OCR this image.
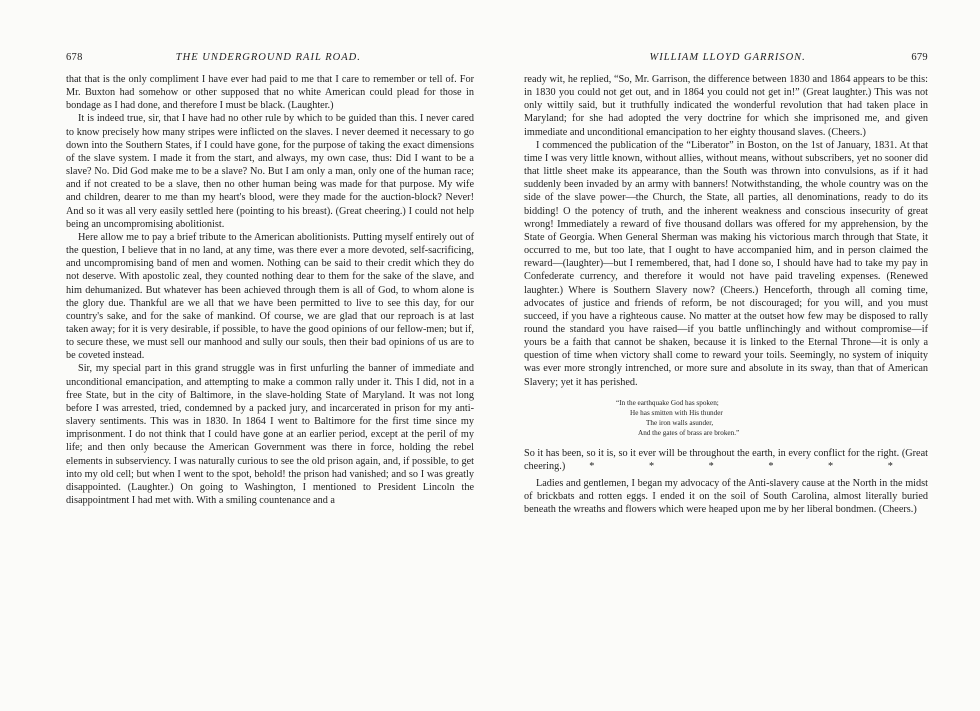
678	THE UNDERGROUND RAIL ROAD.

that that is the only compliment I have ever had paid to me that I care to remember or tell of. For Mr. Buxton had somehow or other supposed that no white American could plead for those in bondage as I had done, and therefore I must be black. (Laughter.)

It is indeed true, sir, that I have had no other rule by which to be guided than this. I never cared to know precisely how many stripes were inflicted on the slaves. I never deemed it necessary to go down into the Southern States, if I could have gone, for the purpose of taking the exact dimensions of the slave system. I made it from the start, and always, my own case, thus: Did I want to be a slave? No. Did God make me to be a slave? No. But I am only a man, only one of the human race; and if not created to be a slave, then no other human being was made for that purpose. My wife and children, dearer to me than my heart's blood, were they made for the auction-block? Never! And so it was all very easily settled here (pointing to his breast). (Great cheering.) I could not help being an uncompromising abolitionist.

Here allow me to pay a brief tribute to the American abolitionists. Putting myself entirely out of the question, I believe that in no land, at any time, was there ever a more devoted, self-sacrificing, and uncompromising band of men and women. Nothing can be said to their credit which they do not deserve. With apostolic zeal, they counted nothing dear to them for the sake of the slave, and him dehumanized. But whatever has been achieved through them is all of God, to whom alone is the glory due. Thankful are we all that we have been permitted to live to see this day, for our country's sake, and for the sake of mankind. Of course, we are glad that our reproach is at last taken away; for it is very desirable, if possible, to have the good opinions of our fellow-men; but if, to secure these, we must sell our manhood and sully our souls, then their bad opinions of us are to be coveted instead.

Sir, my special part in this grand struggle was in first unfurling the banner of immediate and unconditional emancipation, and attempting to make a common rally under it. This I did, not in a free State, but in the city of Baltimore, in the slave-holding State of Maryland. It was not long before I was arrested, tried, condemned by a packed jury, and incarcerated in prison for my anti-slavery sentiments. This was in 1830. In 1864 I went to Baltimore for the first time since my imprisonment. I do not think that I could have gone at an earlier period, except at the peril of my life; and then only because the American Government was there in force, holding the rebel elements in subserviency. I was naturally curious to see the old prison again, and, if possible, to get into my old cell; but when I went to the spot, behold! the prison had vanished; and so I was greatly disappointed. (Laughter.) On going to Washington, I mentioned to President Lincoln the disappointment I had met with. With a smiling countenance and a

WILLIAM LLOYD GARRISON.	679

ready wit, he replied, “So, Mr. Garrison, the difference between 1830 and 1864 appears to be this: in 1830 you could not get out, and in 1864 you could not get in!” (Great laughter.) This was not only wittily said, but it truthfully indicated the wonderful revolution that had taken place in Maryland; for she had adopted the very doctrine for which she imprisoned me, and given immediate and unconditional emancipation to her eighty thousand slaves. (Cheers.)

I commenced the publication of the “Liberator” in Boston, on the 1st of January, 1831. At that time I was very little known, without allies, without means, without subscribers, yet no sooner did that little sheet make its appearance, than the South was thrown into convulsions, as if it had suddenly been invaded by an army with banners! Notwithstanding, the whole country was on the side of the slave power—the Church, the State, all parties, all denominations, ready to do its bidding! O the potency of truth, and the inherent weakness and conscious insecurity of great wrong! Immediately a reward of five thousand dollars was offered for my apprehension, by the State of Georgia. When General Sherman was making his victorious march through that State, it occurred to me, but too late, that I ought to have accompanied him, and in person claimed the reward—(laughter)—but I remembered, that, had I done so, I should have had to take my pay in Confederate currency, and therefore it would not have paid traveling expenses. (Renewed laughter.) Where is Southern Slavery now? (Cheers.) Henceforth, through all coming time, advocates of justice and friends of reform, be not discouraged; for you will, and you must succeed, if you have a righteous cause. No matter at the outset how few may be disposed to rally round the standard you have raised—if you battle unflinchingly and without compromise—if yours be a faith that cannot be shaken, because it is linked to the Eternal Throne—it is only a question of time when victory shall come to reward your toils. Seemingly, no system of iniquity was ever more strongly intrenched, or more sure and absolute in its sway, than that of American Slavery; yet it has perished.

“In the earthquake God has spoken;
He has smitten with His thunder
The iron walls asunder,
And the gates of brass are broken.”

So it has been, so it is, so it ever will be throughout the earth, in every conflict for the right. (Great cheering.) * * * * * *

Ladies and gentlemen, I began my advocacy of the Anti-slavery cause at the North in the midst of brickbats and rotten eggs. I ended it on the soil of South Carolina, almost literally buried beneath the wreaths and flowers which were heaped upon me by her liberal bondmen. (Cheers.)
